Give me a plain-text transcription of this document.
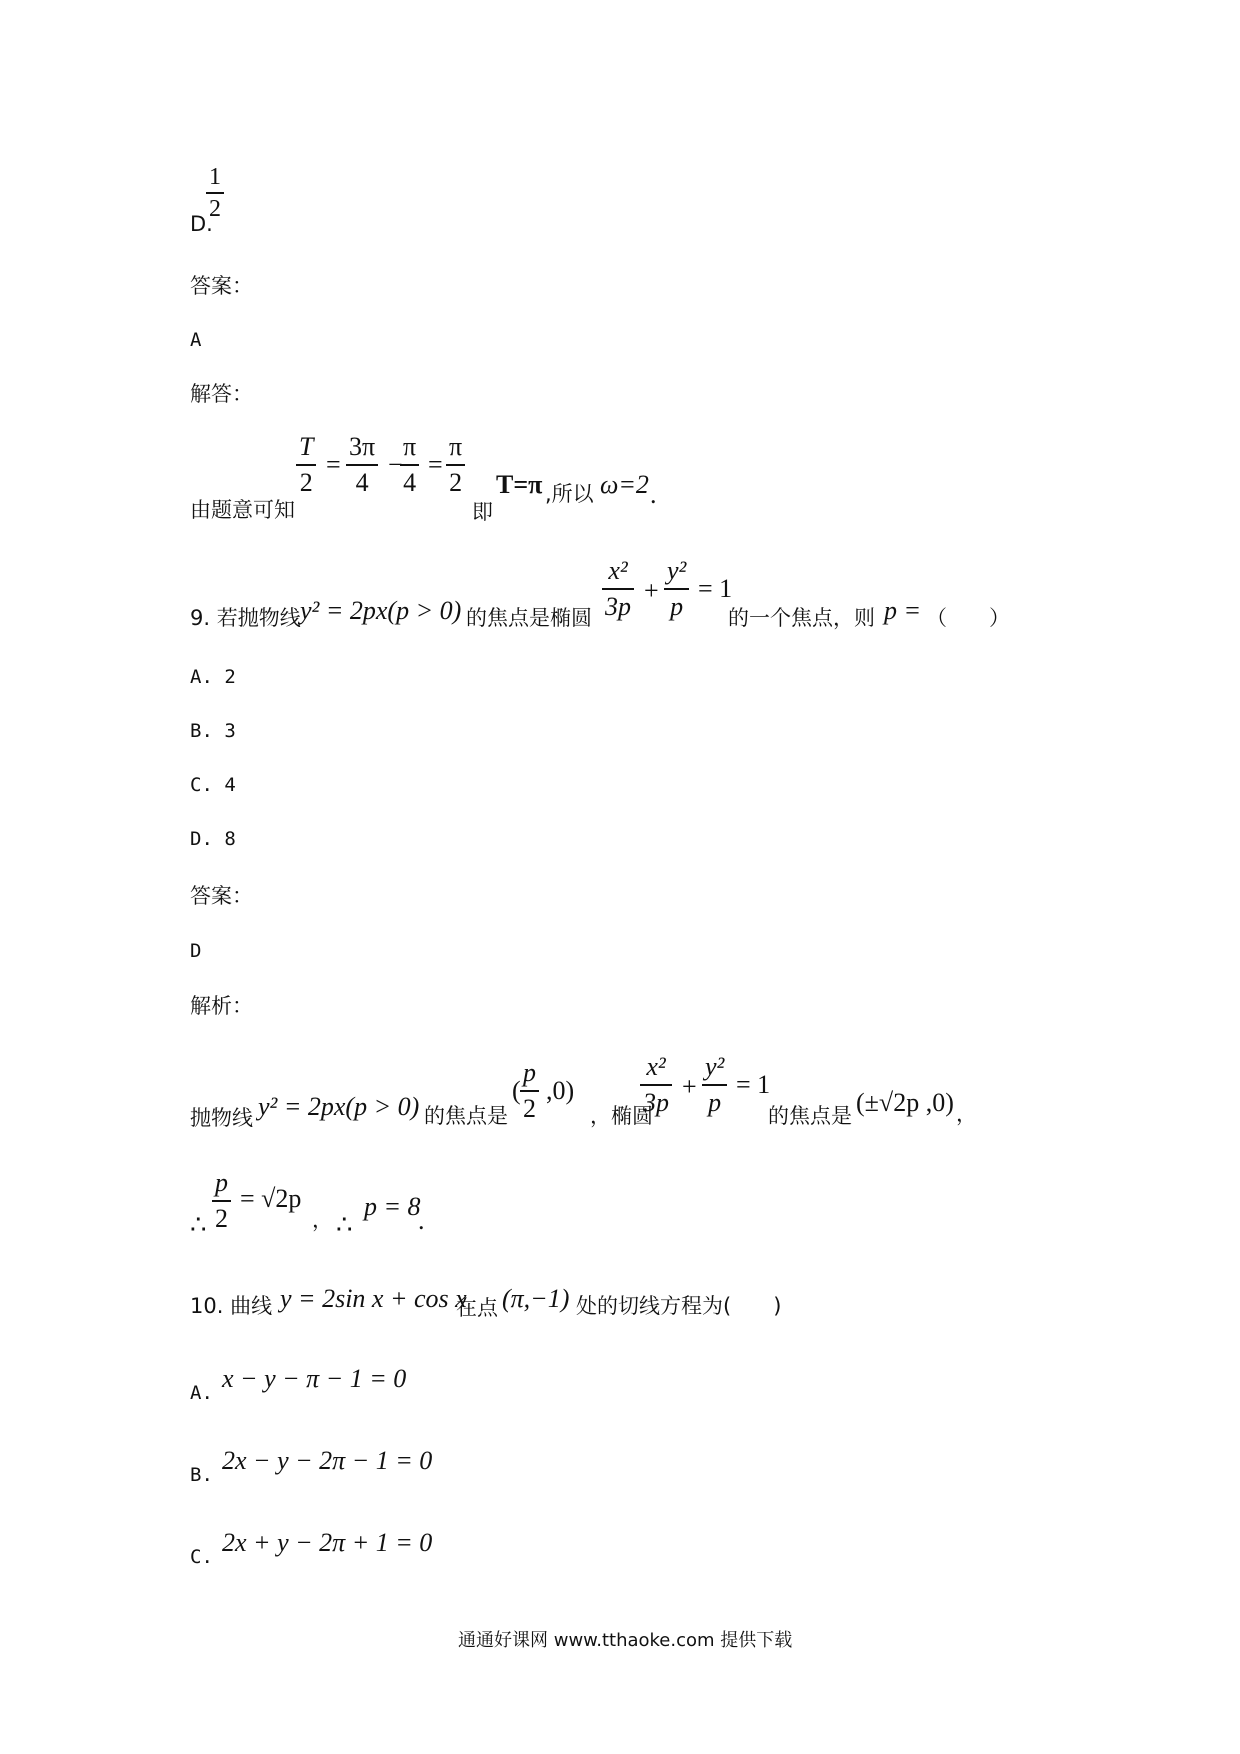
D.
1
2
答案：
A
解答：
由题意可知
T
2
=
3π
4
−
π
4
=
π
2
即
T=π ,所以 ω=2 .
9. 若抛物线 y² = 2px(p > 0) 的焦点是椭圆
x²
3p
+
y²
p
= 1
的一个焦点，则 p = （　　）
A. 2
B. 3
C. 4
D. 8
答案：
D
解析：
抛物线 y² = 2px(p > 0) 的焦点是
(
p
2
,0)
，椭圆
x²
3p
+
y²
p
= 1
的焦点是 (±√2p ,0) ，
∴
p
2
= √2p
， ∴
p = 8
.
10. 曲线 y = 2sin x + cos x
在点 (π,−1) 处的切线方程为(　　)
A. x − y − π − 1 = 0
B. 2x − y − 2π − 1 = 0
C. 2x + y − 2π + 1 = 0
通通好课网 www.tthaoke.com 提供下载
